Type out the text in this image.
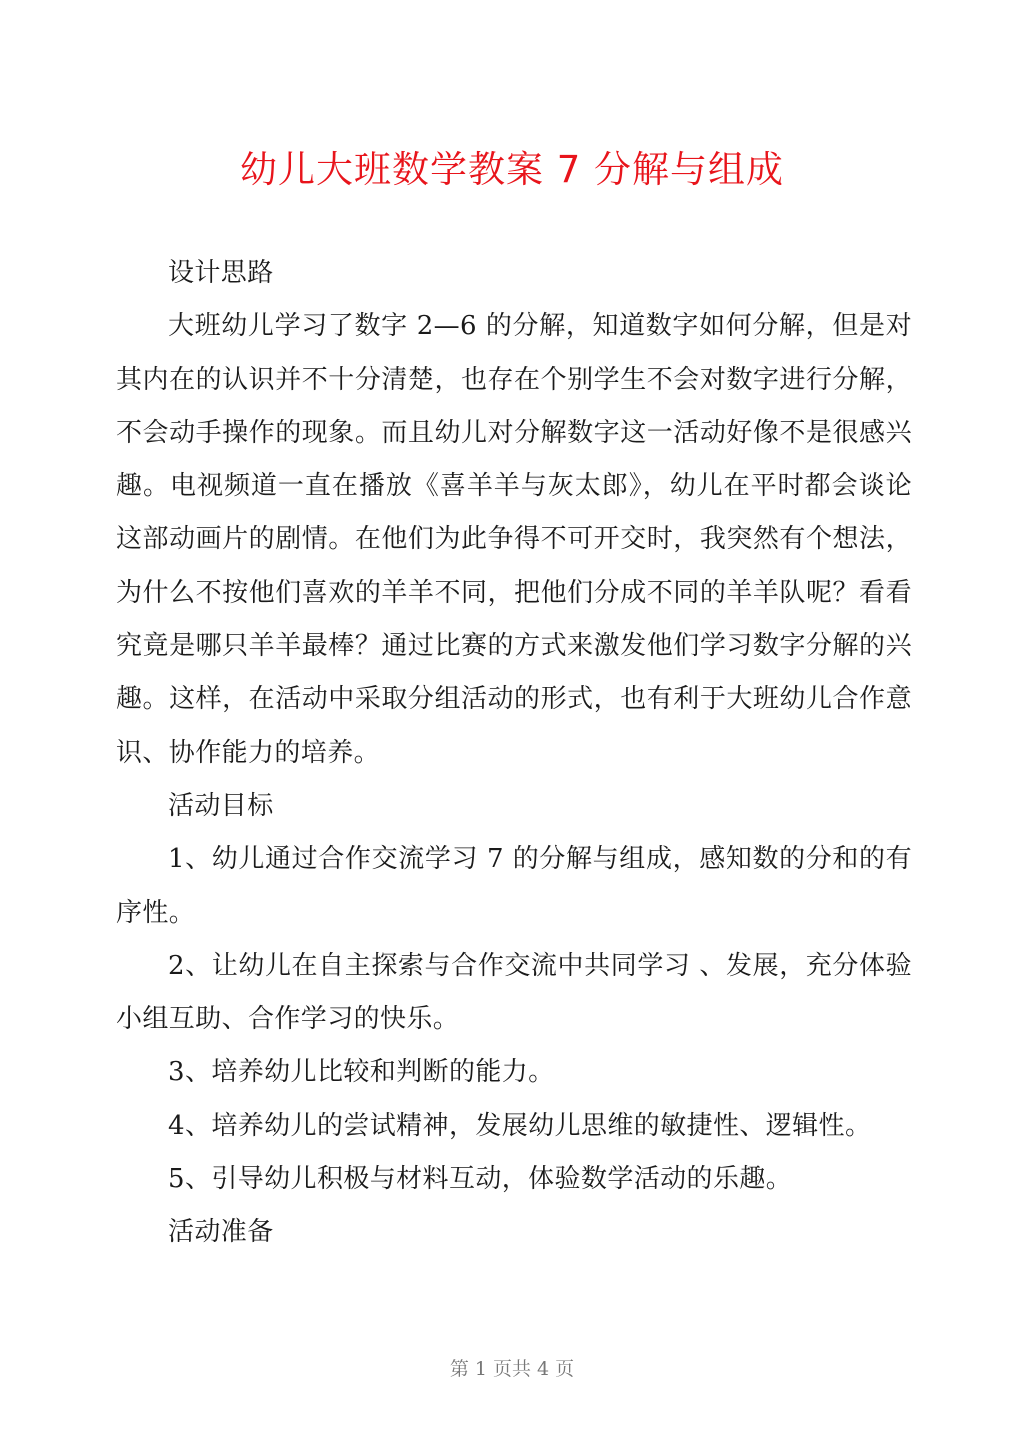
幼儿大班数学教案 7 分解与组成

设计思路

大班幼儿学习了数字 2—6 的分解，知道数字如何分解，但是对其内在的认识并不十分清楚，也存在个别学生不会对数字进行分解，不会动手操作的现象。而且幼儿对分解数字这一活动好像不是很感兴趣。电视频道一直在播放《喜羊羊与灰太郎》，幼儿在平时都会谈论这部动画片的剧情。在他们为此争得不可开交时，我突然有个想法，为什么不按他们喜欢的羊羊不同，把他们分成不同的羊羊队呢？看看究竟是哪只羊羊最棒？通过比赛的方式来激发他们学习数字分解的兴趣。这样，在活动中采取分组活动的形式，也有利于大班幼儿合作意识、协作能力的培养。

活动目标

1、幼儿通过合作交流学习 7 的分解与组成，感知数的分和的有序性。

2、让幼儿在自主探索与合作交流中共同学习 、发展，充分体验小组互助、合作学习的快乐。

3、培养幼儿比较和判断的能力。

4、培养幼儿的尝试精神，发展幼儿思维的敏捷性、逻辑性。

5、引导幼儿积极与材料互动，体验数学活动的乐趣。

活动准备

第 1 页共 4 页
